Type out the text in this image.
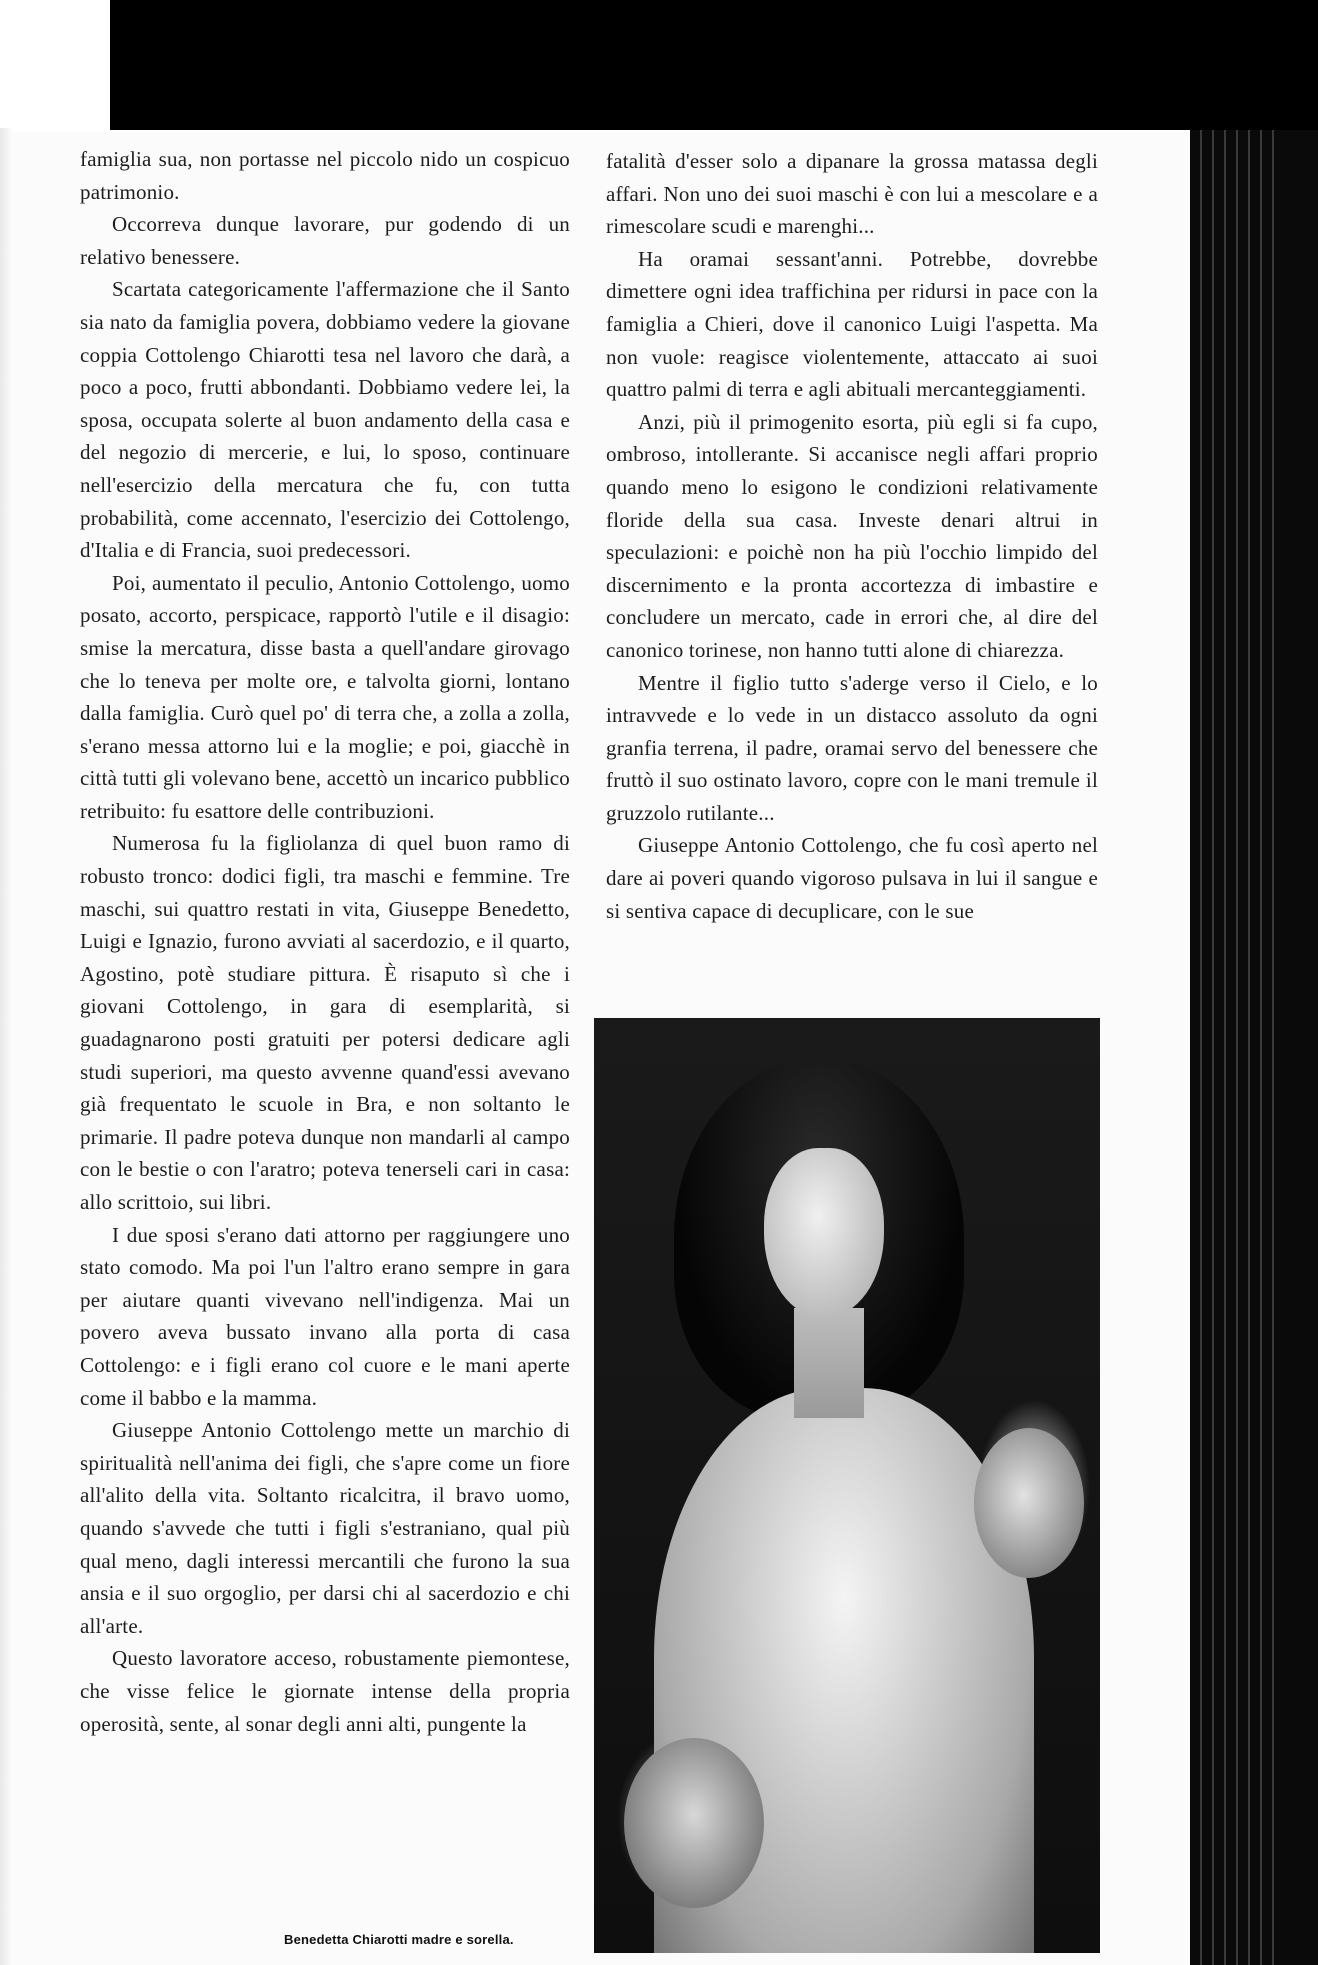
famiglia sua, non portasse nel piccolo nido un cospicuo patrimonio.

Occorreva dunque lavorare, pur godendo di un relativo benessere.

Scartata categoricamente l'affermazione che il Santo sia nato da famiglia povera, dobbiamo vedere la giovane coppia Cottolengo Chiarotti tesa nel lavoro che darà, a poco a poco, frutti abbondanti. Dobbiamo vedere lei, la sposa, occupata solerte al buon andamento della casa e del negozio di mercerie, e lui, lo sposo, continuare nell'esercizio della mercatura che fu, con tutta probabilità, come accennato, l'esercizio dei Cottolengo, d'Italia e di Francia, suoi predecessori.

Poi, aumentato il peculio, Antonio Cottolengo, uomo posato, accorto, perspicace, rapportò l'utile e il disagio: smise la mercatura, disse basta a quell'andare girovago che lo teneva per molte ore, e talvolta giorni, lontano dalla famiglia. Curò quel po' di terra che, a zolla a zolla, s'erano messa attorno lui e la moglie; e poi, giacchè in città tutti gli volevano bene, accettò un incarico pubblico retribuito: fu esattore delle contribuzioni.

Numerosa fu la figliolanza di quel buon ramo di robusto tronco: dodici figli, tra maschi e femmine. Tre maschi, sui quattro restati in vita, Giuseppe Benedetto, Luigi e Ignazio, furono avviati al sacerdozio, e il quarto, Agostino, potè studiare pittura. È risaputo sì che i giovani Cottolengo, in gara di esemplarità, si guadagnarono posti gratuiti per potersi dedicare agli studi superiori, ma questo avvenne quand'essi avevano già frequentato le scuole in Bra, e non soltanto le primarie. Il padre poteva dunque non mandarli al campo con le bestie o con l'aratro; poteva tenerseli cari in casa: allo scrittoio, sui libri.

I due sposi s'erano dati attorno per raggiungere uno stato comodo. Ma poi l'un l'altro erano sempre in gara per aiutare quanti vivevano nell'indigenza. Mai un povero aveva bussato invano alla porta di casa Cottolengo: e i figli erano col cuore e le mani aperte come il babbo e la mamma.

Giuseppe Antonio Cottolengo mette un marchio di spiritualità nell'anima dei figli, che s'apre come un fiore all'alito della vita. Soltanto ricalcitra, il bravo uomo, quando s'avvede che tutti i figli s'estraniano, qual più qual meno, dagli interessi mercantili che furono la sua ansia e il suo orgoglio, per darsi chi al sacerdozio e chi all'arte.

Questo lavoratore acceso, robustamente piemontese, che visse felice le giornate intense della propria operosità, sente, al sonar degli anni alti, pungente la

fatalità d'esser solo a dipanare la grossa matassa degli affari. Non uno dei suoi maschi è con lui a mescolare e a rimescolare scudi e marenghi...

Ha oramai sessant'anni. Potrebbe, dovrebbe dimettere ogni idea traffichina per ridursi in pace con la famiglia a Chieri, dove il canonico Luigi l'aspetta. Ma non vuole: reagisce violentemente, attaccato ai suoi quattro palmi di terra e agli abituali mercanteggiamenti.

Anzi, più il primogenito esorta, più egli si fa cupo, ombroso, intollerante. Si accanisce negli affari proprio quando meno lo esigono le condizioni relativamente floride della sua casa. Investe denari altrui in speculazioni: e poichè non ha più l'occhio limpido del discernimento e la pronta accortezza di imbastire e concludere un mercato, cade in errori che, al dire del canonico torinese, non hanno tutti alone di chiarezza.

Mentre il figlio tutto s'aderge verso il Cielo, e lo intravvede e lo vede in un distacco assoluto da ogni granfia terrena, il padre, oramai servo del benessere che fruttò il suo ostinato lavoro, copre con le mani tremule il gruzzolo rutilante...

Giuseppe Antonio Cottolengo, che fu così aperto nel dare ai poveri quando vigoroso pulsava in lui il sangue e si sentiva capace di decuplicare, con le sue

Benedetta Chiarotti madre e sorella.
